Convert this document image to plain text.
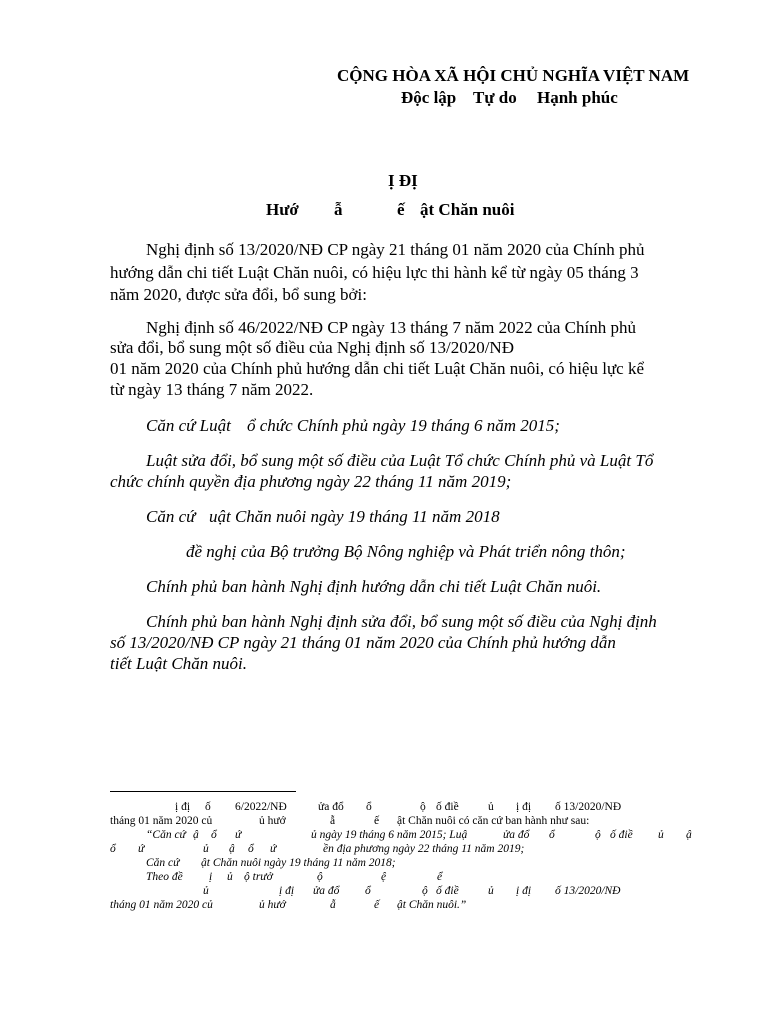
CỘNG HÒA XÃ HỘI CHỦ NGHĨA VIỆT NAM
Độc lập Tự do Hạnh phúc
Ị ĐỊ
Hướ ẫ	ế ật Chăn nuôi
Nghị định số 13/2020/NĐ CP ngày 21 tháng 01 năm 2020 của Chính phủ
hướng dẫn chi tiết Luật Chăn nuôi, có hiệu lực thi hành kể từ ngày 05 tháng 3
năm 2020, được sửa đổi, bổ sung bởi:
Nghị định số 46/2022/NĐ CP ngày 13 tháng 7 năm 2022 của Chính phủ
sửa đổi, bổ sung một số điều của Nghị định số 13/2020/NĐ
01 năm 2020 của Chính phủ hướng dẫn chi tiết Luật Chăn nuôi, có hiệu lực kể
từ ngày 13 tháng 7 năm 2022.
Căn cứ Luật ổ chức Chính phủ ngày 19 tháng 6 năm 2015;
Luật sửa đổi, bổ sung một số điều của Luật Tổ chức Chính phủ và Luật Tổ
chức chính quyền địa phương ngày 22 tháng 11 năm 2019;
Căn cứ uật Chăn nuôi ngày 19 tháng 11 năm 2018
đề nghị của Bộ trưởng Bộ Nông nghiệp và Phát triển nông thôn;
Chính phủ ban hành Nghị định hướng dẫn chi tiết Luật Chăn nuôi.
Chính phủ ban hành Nghị định sửa đổi, bổ sung một số điều của Nghị định
số 13/2020/NĐ CP ngày 21 tháng 01 năm 2020 của Chính phủ hướng dẫn
tiết Luật Chăn nuôi.
ị đị ố 6/2022/NĐ	ửa đổ ổ	ộ ố điề	ủ ị đị ố 13/2020/NĐ
tháng 01 năm 2020 củ	ủ hướ	ẫ	ế ật Chăn nuôi có căn cứ ban hành như sau:
“Căn cứ ậ ổ ứ	ủ ngày 19 tháng 6 năm 2015; Luậ	ửa đổ ổ	ộ ố điề ủ ậ
ổ ứ	ủ ậ ổ ứ	ền địa phương ngày 22 tháng 11 năm 2019;
Căn cứ ật Chăn nuôi ngày 19 tháng 11 năm 2018;
Theo đề ị ủ ộ trưở	ộ	ệ	ể
ủ	ị đị ửa đổ ổ	ộ ố điề	ủ ị đị ố 13/2020/NĐ
tháng 01 năm 2020 củ	ủ hướ	ẫ	ế ật Chăn nuôi.”
